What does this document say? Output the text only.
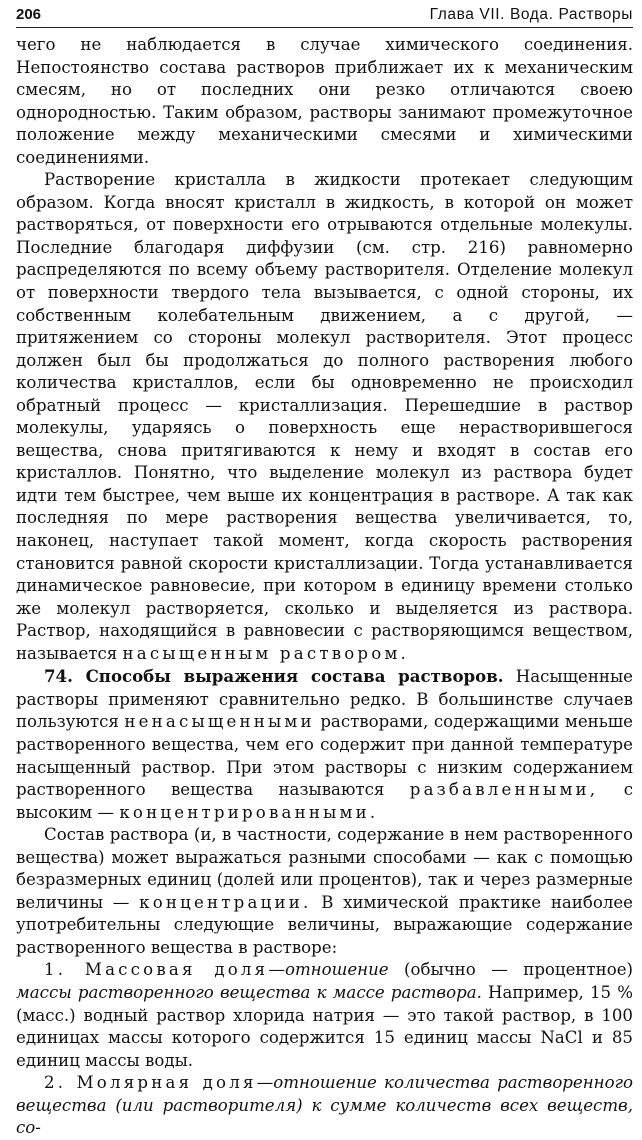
206	Глава VII. Вода. Растворы

чего не наблюдается в случае химического соединения. Непостоянство состава растворов приближает их к механическим смесям, но от последних они резко отличаются своею однородностью. Таким образом, растворы занимают промежуточное положение между механическими смесями и химическими соединениями.

Растворение кристалла в жидкости протекает следующим образом. Когда вносят кристалл в жидкость, в которой он может растворяться, от поверхности его отрываются отдельные молекулы. Последние благодаря диффузии (см. стр. 216) равномерно распределяются по всему объему растворителя. Отделение молекул от поверхности твердого тела вызывается, с одной стороны, их собственным колебательным движением, а с другой, — притяжением со стороны молекул растворителя. Этот процесс должен был бы продолжаться до полного растворения любого количества кристаллов, если бы одновременно не происходил обратный процесс — кристаллизация. Перешедшие в раствор молекулы, ударяясь о поверхность еще нерастворившегося вещества, снова притягиваются к нему и входят в состав его кристаллов. Понятно, что выделение молекул из раствора будет идти тем быстрее, чем выше их концентрация в растворе. А так как последняя по мере растворения вещества увеличивается, то, наконец, наступает такой момент, когда скорость растворения становится равной скорости кристаллизации. Тогда устанавливается динамическое равновесие, при котором в единицу времени столько же молекул растворяется, сколько и выделяется из раствора. Раствор, находящийся в равновесии с растворяющимся веществом, называется насыщенным раствором.

74. Способы выражения состава растворов. Насыщенные растворы применяют сравнительно редко. В большинстве случаев пользуются ненасыщенными растворами, содержащими меньше растворенного вещества, чем его содержит при данной температуре насыщенный раствор. При этом растворы с низким содержанием растворенного вещества называются разбавленными, с высоким — концентрированными.

Состав раствора (и, в частности, содержание в нем растворенного вещества) может выражаться разными способами — как с помощью безразмерных единиц (долей или процентов), так и через размерные величины — концентрации. В химической практике наиболее употребительны следующие величины, выражающие содержание растворенного вещества в растворе:

1. Массовая доля—отношение (обычно — процентное) массы растворенного вещества к массе раствора. Например, 15 % (масс.) водный раствор хлорида натрия — это такой раствор, в 100 единицах массы которого содержится 15 единиц массы NaCl и 85 единиц массы воды.

2. Молярная доля—отношение количества растворенного вещества (или растворителя) к сумме количеств всех веществ, со-
